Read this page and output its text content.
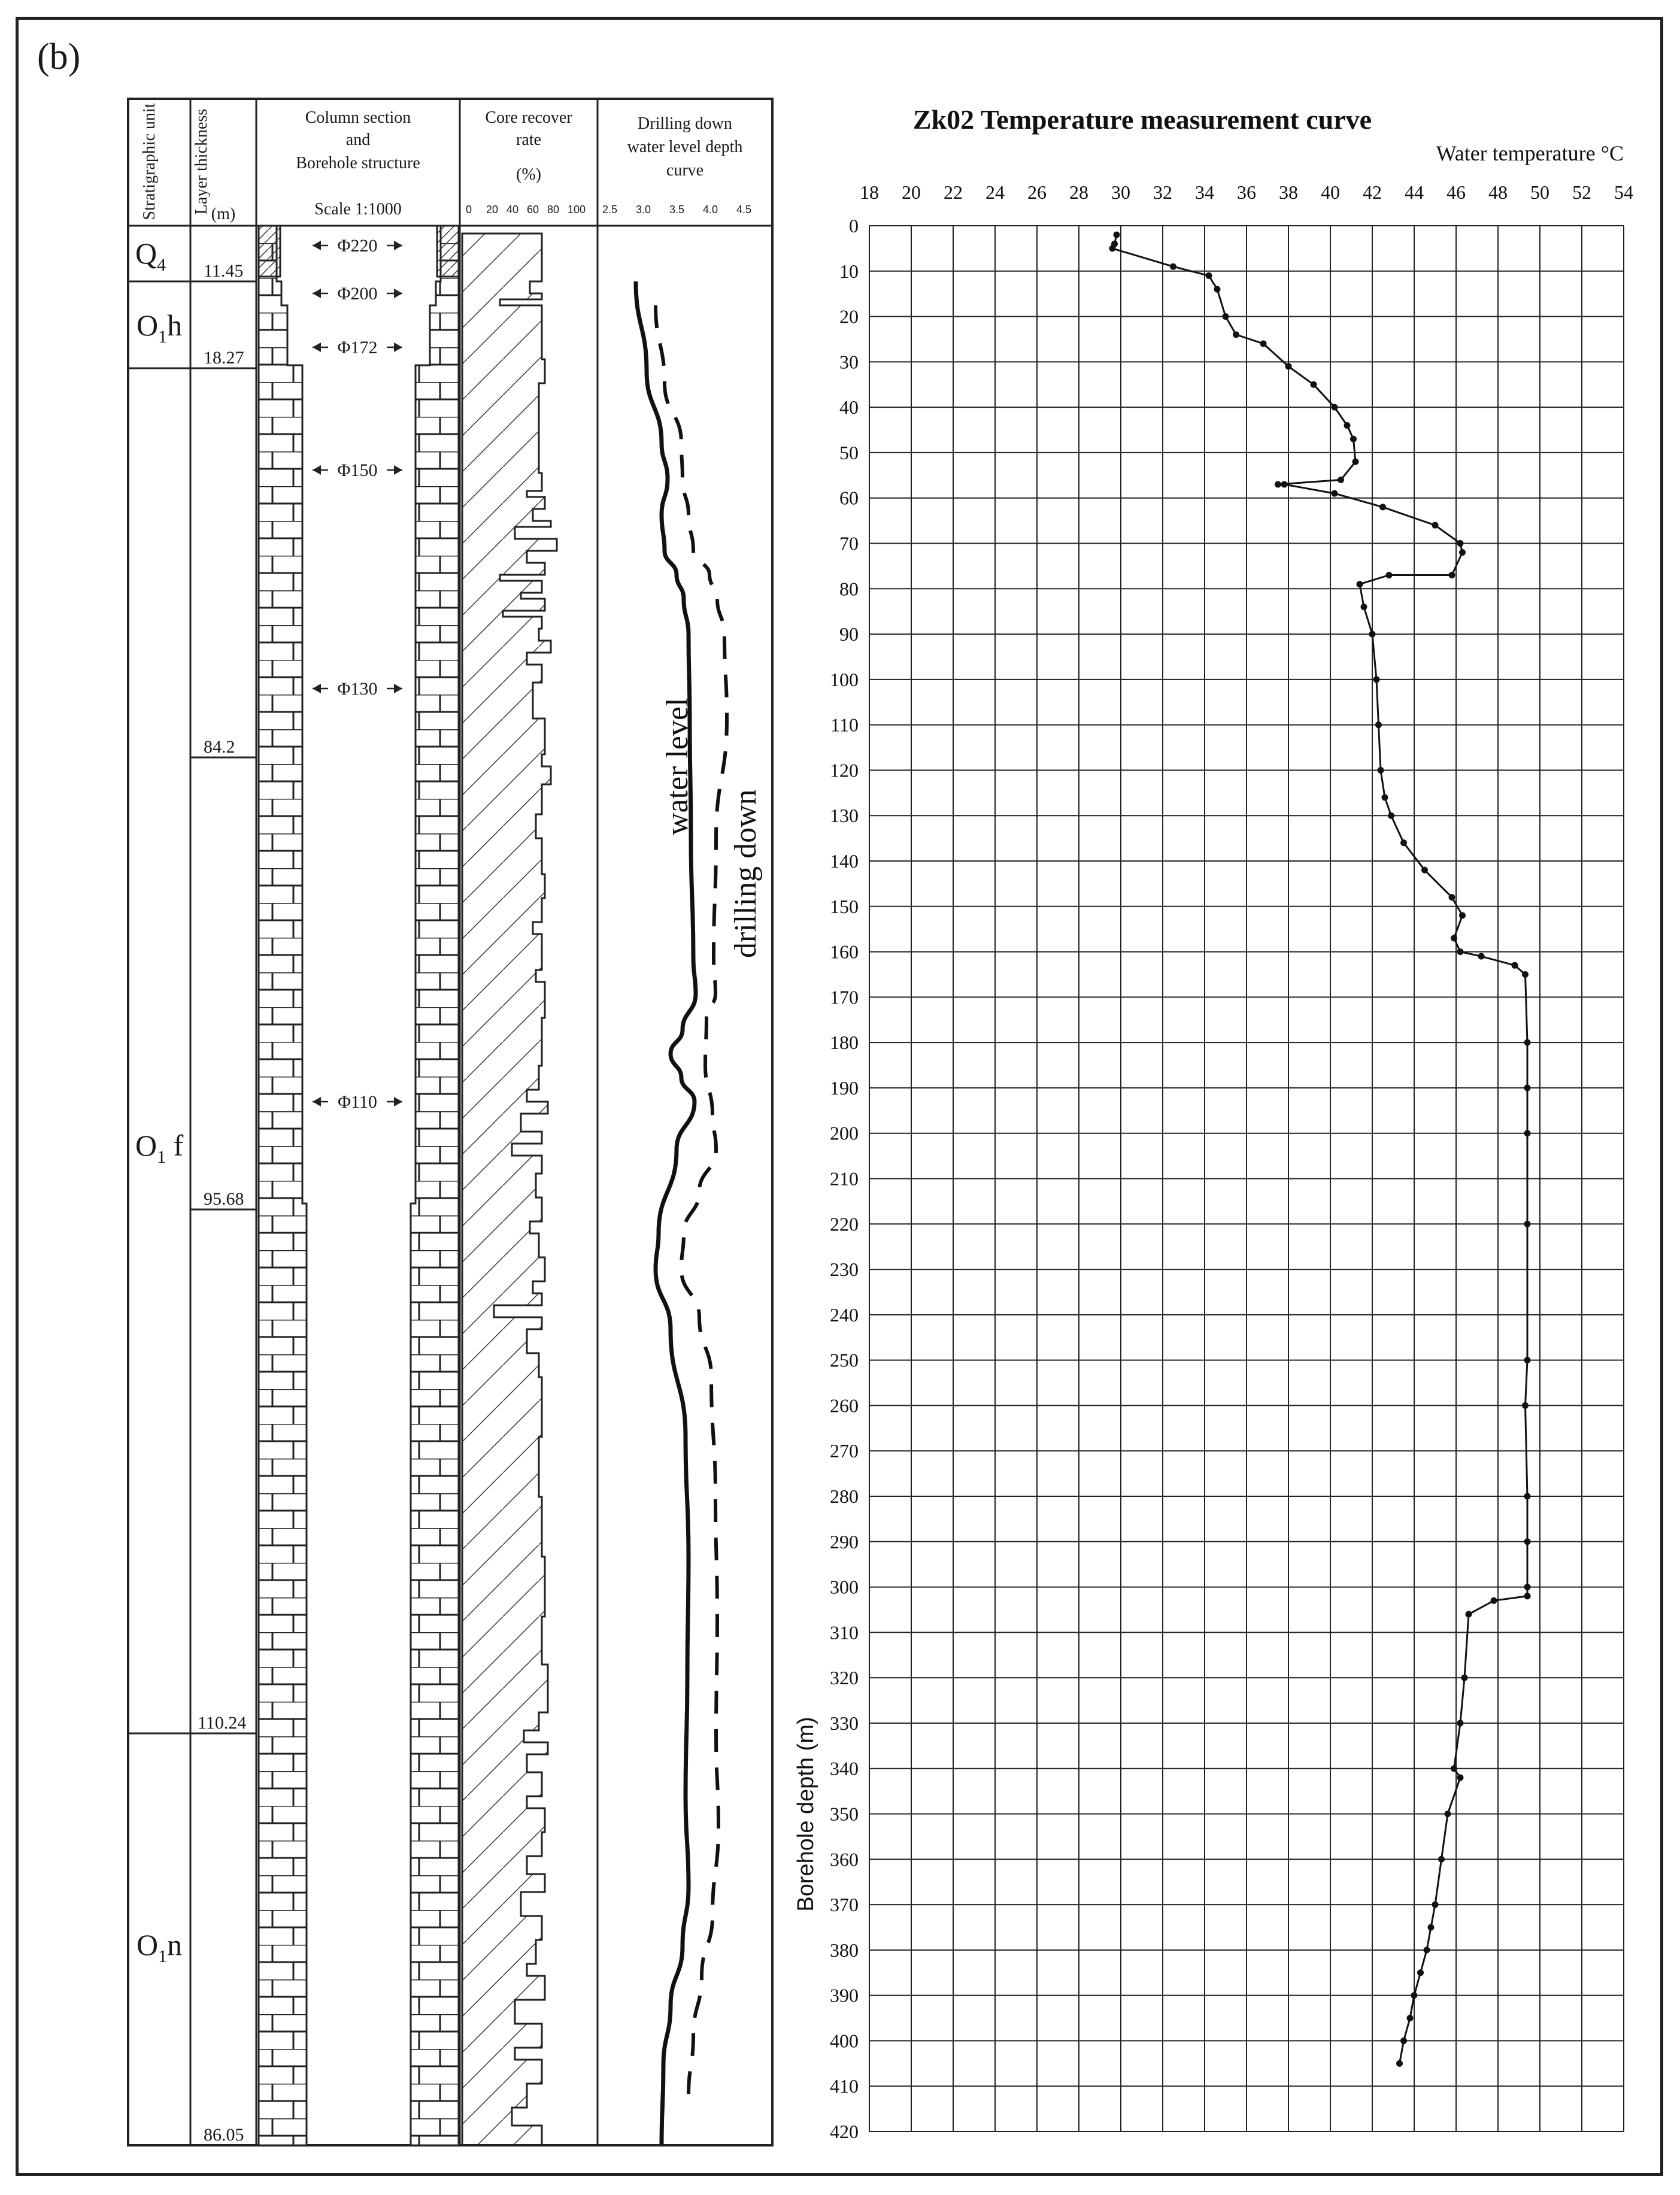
(b)
Stratigraphic unit Layer thickness (m)
Column section
and
Borehole structure
Scale 1:1000
Core recover
rate
(%)
Drilling down
water level depth
curve
0 20 40 60 80 100 2.5 3.0 3.5 4.0 4.5
11.45
18.27
84.2
95.68
110.24
86.05
$Q_4$
$O_1h$
$O_1$ f
$O_1n$
Φ220
Φ200
Φ172
Φ150
Φ130
Φ110
water level
drilling down
Zk02 Temperature measurement curve
Water temperature °C
Borehole depth (m)
18 20 22 24 26 28 30 32 34 36 38 40 42 44 46 48 50 52 54
0
10
20
30
40
50
60
70
80
90
100
110
120
130
140
150
160
170
180
190
200
210
220
230
240
250
260
270
280
290
300
310
320
330
340
350
360
370
380
390
400
410
420
